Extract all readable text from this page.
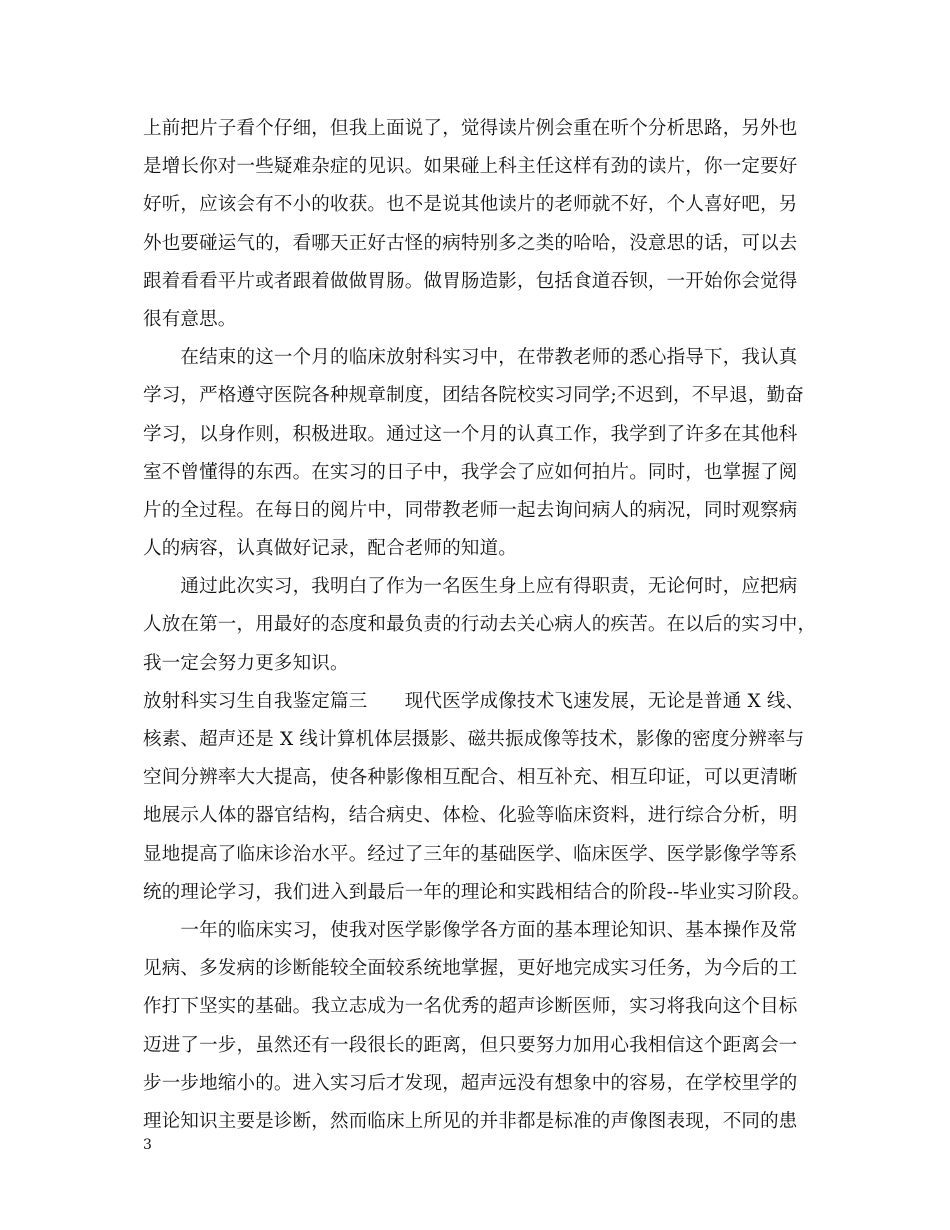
上前把片子看个仔细，但我上面说了，觉得读片例会重在听个分析思路，另外也
是增长你对一些疑难杂症的见识。如果碰上科主任这样有劲的读片，你一定要好
好听，应该会有不小的收获。也不是说其他读片的老师就不好，个人喜好吧，另
外也要碰运气的，看哪天正好古怪的病特别多之类的哈哈，没意思的话，可以去
跟着看看平片或者跟着做做胃肠。做胃肠造影，包括食道吞钡，一开始你会觉得
很有意思。
　　在结束的这一个月的临床放射科实习中，在带教老师的悉心指导下，我认真
学习，严格遵守医院各种规章制度，团结各院校实习同学;不迟到，不早退，勤奋
学习，以身作则，积极进取。通过这一个月的认真工作，我学到了许多在其他科
室不曾懂得的东西。在实习的日子中，我学会了应如何拍片。同时，也掌握了阅
片的全过程。在每日的阅片中，同带教老师一起去询问病人的病况，同时观察病
人的病容，认真做好记录，配合老师的知道。
　　通过此次实习，我明白了作为一名医生身上应有得职责，无论何时，应把病
人放在第一，用最好的态度和最负责的行动去关心病人的疾苦。在以后的实习中，
我一定会努力更多知识。
放射科实习生自我鉴定篇三　　现代医学成像技术飞速发展，无论是普通 X 线、
核素、超声还是 X 线计算机体层摄影、磁共振成像等技术，影像的密度分辨率与
空间分辨率大大提高，使各种影像相互配合、相互补充、相互印证，可以更清晰
地展示人体的器官结构，结合病史、体检、化验等临床资料，进行综合分析，明
显地提高了临床诊治水平。经过了三年的基础医学、临床医学、医学影像学等系
统的理论学习，我们进入到最后一年的理论和实践相结合的阶段--毕业实习阶段。
　　一年的临床实习，使我对医学影像学各方面的基本理论知识、基本操作及常
见病、多发病的诊断能较全面较系统地掌握，更好地完成实习任务，为今后的工
作打下坚实的基础。我立志成为一名优秀的超声诊断医师，实习将我向这个目标
迈进了一步，虽然还有一段很长的距离，但只要努力加用心我相信这个距离会一
步一步地缩小的。进入实习后才发现，超声远没有想象中的容易，在学校里学的
理论知识主要是诊断，然而临床上所见的并非都是标准的声像图表现，不同的患
3
